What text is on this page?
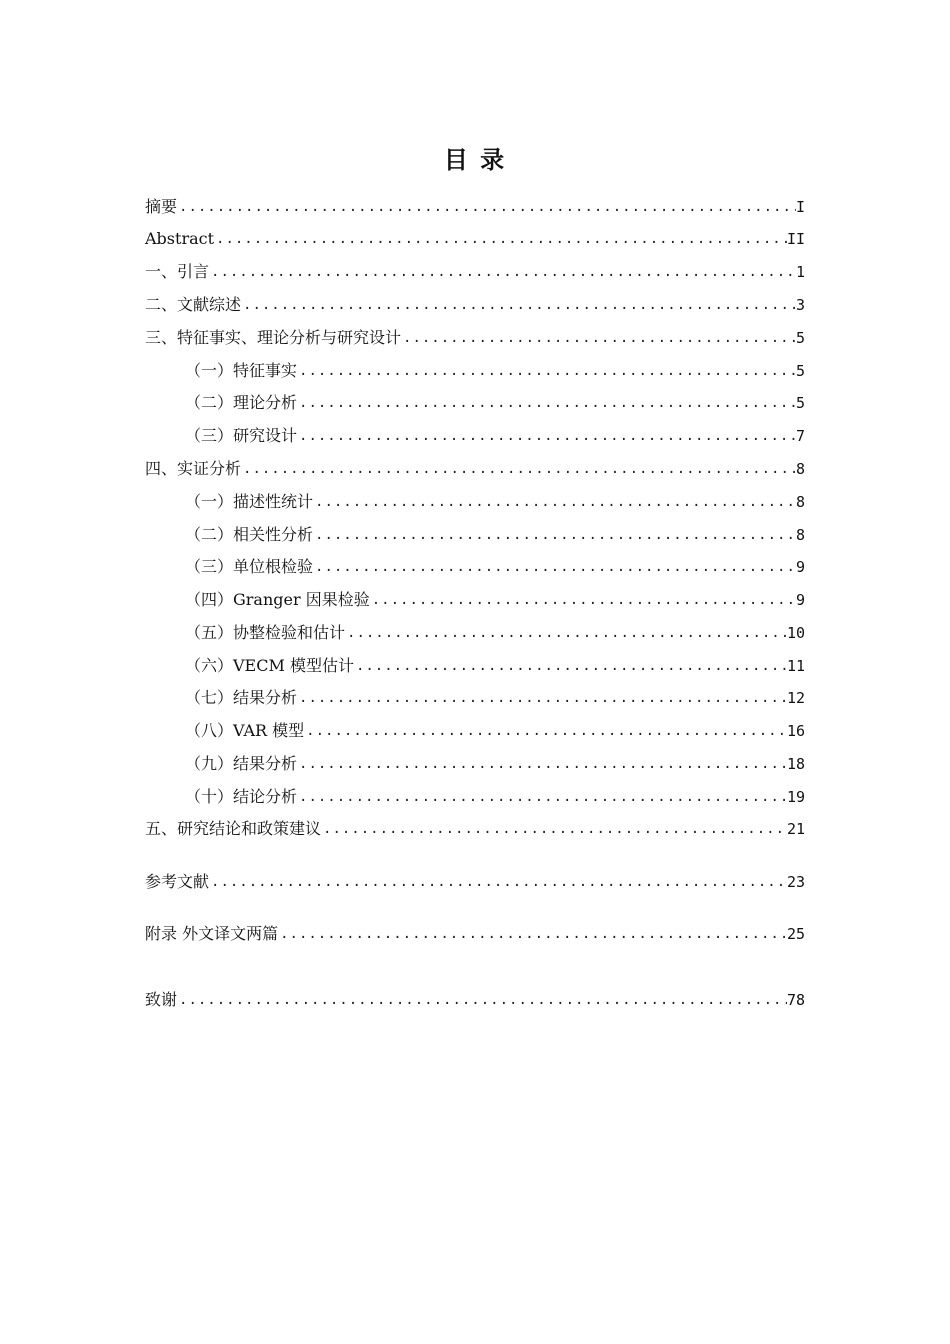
目 录
摘要 .....	I
Abstract .....	II
一、引言 .....	1
二、文献综述 .....	3
三、特征事实、理论分析与研究设计 .....	5
（一）特征事实 .....	5
（二）理论分析 .....	5
（三）研究设计 .....	7
四、实证分析 .....	8
（一）描述性统计 .....	8
（二）相关性分析 .....	8
（三）单位根检验 .....	9
（四）Granger 因果检验 .....	9
（五）协整检验和估计 .....	10
（六）VECM 模型估计 .....	11
（七）结果分析 .....	12
（八）VAR 模型 .....	16
（九）结果分析 .....	18
（十）结论分析 .....	19
五、研究结论和政策建议 .....	21
参考文献 .....	23
附录 外文译文两篇 .....	25
致谢 .....	78
